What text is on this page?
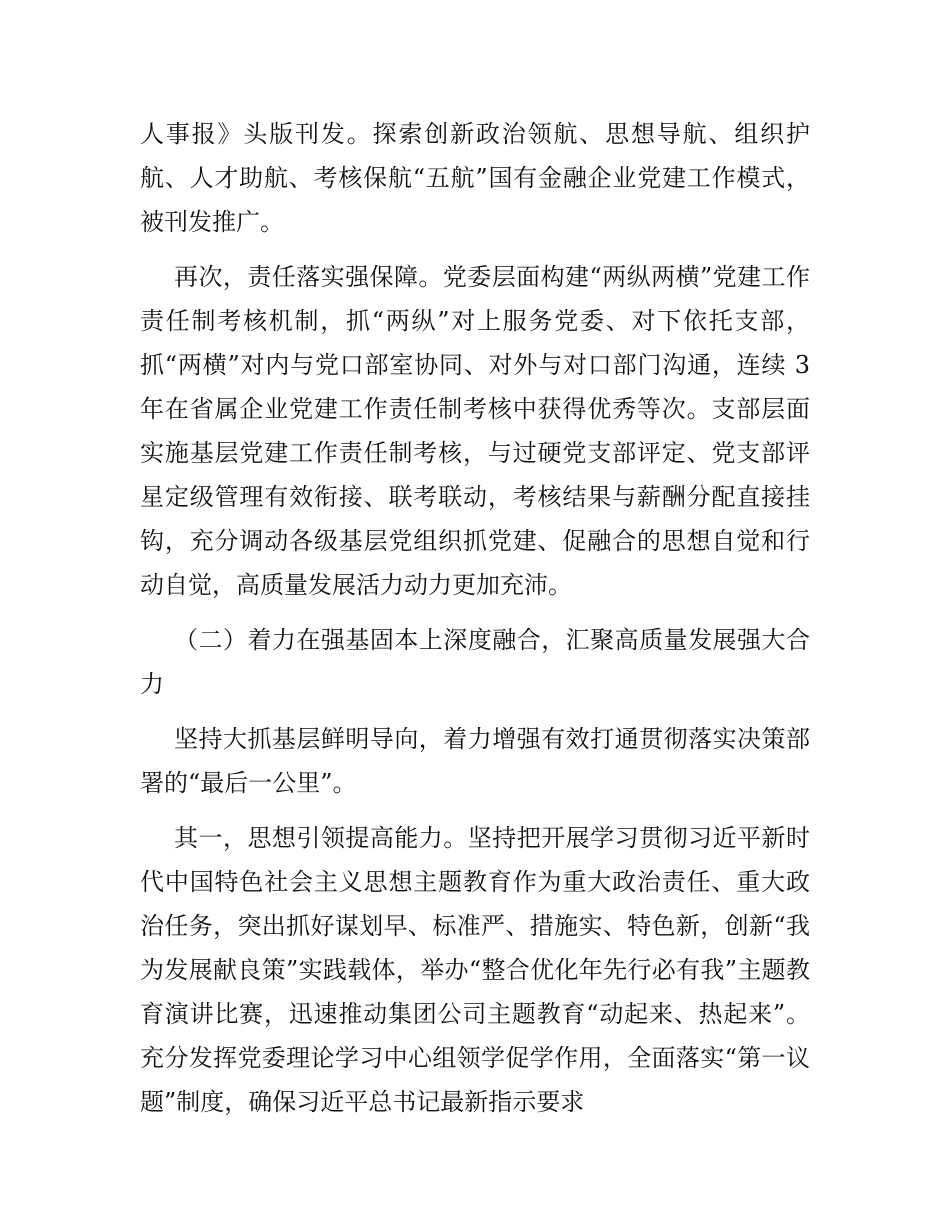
人事报》头版刊发。探索创新政治领航、思想导航、组织护航、人才助航、考核保航“五航”国有金融企业党建工作模式，被刊发推广。

再次，责任落实强保障。党委层面构建“两纵两横”党建工作责任制考核机制，抓“两纵”对上服务党委、对下依托支部，抓“两横”对内与党口部室协同、对外与对口部门沟通，连续 3 年在省属企业党建工作责任制考核中获得优秀等次。支部层面实施基层党建工作责任制考核，与过硬党支部评定、党支部评星定级管理有效衔接、联考联动，考核结果与薪酬分配直接挂钩，充分调动各级基层党组织抓党建、促融合的思想自觉和行动自觉，高质量发展活力动力更加充沛。

（二）着力在强基固本上深度融合，汇聚高质量发展强大合力

坚持大抓基层鲜明导向，着力增强有效打通贯彻落实决策部署的“最后一公里”。

其一，思想引领提高能力。坚持把开展学习贯彻习近平新时代中国特色社会主义思想主题教育作为重大政治责任、重大政治任务，突出抓好谋划早、标准严、措施实、特色新，创新“我为发展献良策”实践载体，举办“整合优化年先行必有我”主题教育演讲比赛，迅速推动集团公司主题教育“动起来、热起来”。充分发挥党委理论学习中心组领学促学作用，全面落实“第一议题”制度，确保习近平总书记最新指示要求
